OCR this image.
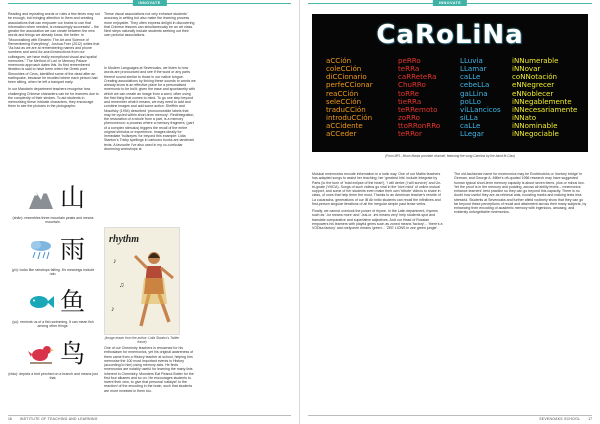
INNOVATE

Reading and repeating words or rules a few times may not be enough, but bringing attention to them and creating associations that can empower our brains to use that information when needed, is reassuringly successful – the greater the association we can create between the new words and things we already know, the better. In "Moonwalking with Einstein: The Art and Science of Remembering Everything", Joshua Foer (2012) writes that "As bad as we are at remembering names and phone numbers and word-for-word instructions from our colleagues, we have really exceptional visual and spatial memories." The Method of Loci or Memory Palace mnemonic approach dates this. Its first remembered iteration is said to have been when the Greek poet Simonides of Ceos, identified some of the dead after an earthquake, because he recalled where each person had been sitting, when he left a banquet early.

In our Mandarin department teachers recognise how challenging Chinese characters can be for learners due to the complexity of their strokes. To aid students in memorising these intricate characters, they encourage them to see the pictures in the pictographs:

山
(shān): resembles three mountain peaks and means mountain.
雨
(yǔ): looks like raindrops falling. It's meanings include rain.
鱼
(yú): reminds us of a fish swimming. It can mean fish among other things.
鸟
(niǎo): depicts a bird perched on a branch and means just that.

These visual associations not only enhance students' accuracy in writing but also make the learning process more enjoyable. They often express delight in discovering that Chinese lessons can simultaneously be an art class. Next steps naturally include students seeking out their own pictorial associations.

In Modern Languages at Sevenoaks, we listen to how words are pronounced and see if the word or any parts thereof sound similar to those in our native tongue. Creating associations by linking these sounds to words we already know is an effective place for a personalised mnemonic to be built; given the ease and spontaneity with which we can create an image from a word, often using the first thing that comes to mind. To go one step beyond and remember what it means, we may need to add and combine images and add some action. Shriffrin and Nosofsky (1994) described 'pronounceable labels that may be cycled within short-term memory'. Redintegration, the restoration of a whole from a part, is a memory phenomenon: a process where a memory fragment, (part of a complex stimulus) triggers the recall of the entire original stimulus or experience. Images ideally for immediate 'bullseyes' for beyond this example: Lidia Stanton's Tricky spellings in cartoons books are landmark texts. A favourite I've also used in my co-curricular drumming workshops is:

rhythm
♪
♫
♪
(Image drawn from the author: Lidia Stanton's Twitter frame)

One of our Chemistry teachers is renowned for his enthusiasm for mnemonics, yet his original awareness of them came from a History teacher at school, helping him memorise the 100 most important events in History (according to him) using memory aids. He finds mnemonics are notably useful for learning the many lists inherent in Chemistry. Monsters Eat Peanut Butter for the first four alkanes and so on. He encourages students to invent their own, to give that personal 'catalyst' to the reaction! of the encoding in the brain, such that students are more invested in them too.

16 INSTITUTE OF TEACHING AND LEARNING
INNOVATE
CaRoLiNa
aCCión
coleCCión
diCCionario
perfeCCionar
reaCCión
seleCCión
traduCCión
introduCCión
aCCidente
aCCeder
peRRo
teRRa
caRReteRa
ChuRRo
toRRe
tieRRa
teRRemoto
zoRRo
ttoRRonRRo
teRRor
LLuvia
LLamar
caLLe
cebeLLa
gaLLina
poLLo
viLLancicos
siLLa
caLLe
LLegar
iNNumerable
iNNovar
coNNotación
eNNegrecer
eNNoblecer
iNNegablemente
iNNecesariamente
iNNato
iNNominable
iNNegociable
(From MFL, Moon Mania pocolate channel, featuring the song Carolina by the band M-Clan)

Musical mnemonics encode information in a ludic way. One of our Maths teachers has adapted songs to assist her teaching; her 'greatest hits' include Integrate by Parts (to the tune of 'total eclipse of the heart'), 'I will derive (I will survive)' and Un-tri-gnate (YMCA). Songs of such videos go viral in the 'hive mind' of online mutual support, and some of her students even make their own 'tribute' videos to share in class, of ones that help them the most. Thanks to an American teacher's rewrite of La cucaracha, generations of our IB Ab initio students can recall the infinitives and first-person singular iterations of all the irregular simple past tense verbs.

Finally, we cannot overlook the power of rhyme. In the Latin department, rhymes such as '-ior means more' and '-issi-or -imi means very' help students spot and translate comparative and superlative adjectives. And our Head of Russian empowers his learners with playful gems such as zoned means 'factory'... 'there's a VODka factory' and roelyonee means 'green'... 'ZEE LIONS in zee green jungle'.

The old-fashioned name for mnemonics may be Ecobtrudcks or 'donkey bridge' in German, and George A. Miller's oft-quoted 1956 research may have suggested human typical short-term memory capacity is about seven items, plus or minus two. Yet the proof is in the memory and pudding, across all ability levels – mnemonics enhance learners' best practice so they can go beyond this capacity. There is no doubt how useful they are as retrieval aids, boosting marks and making tests less stressful. Students at Sevenoaks and further afield routinely show that they can go far beyond these perceptions of recall and attainment across their many subjects, by enhancing their encoding of academic memory with ingenious, amusing, and evidently unforgettable mnemonics.

SEVENOAKS SCHOOL 17
